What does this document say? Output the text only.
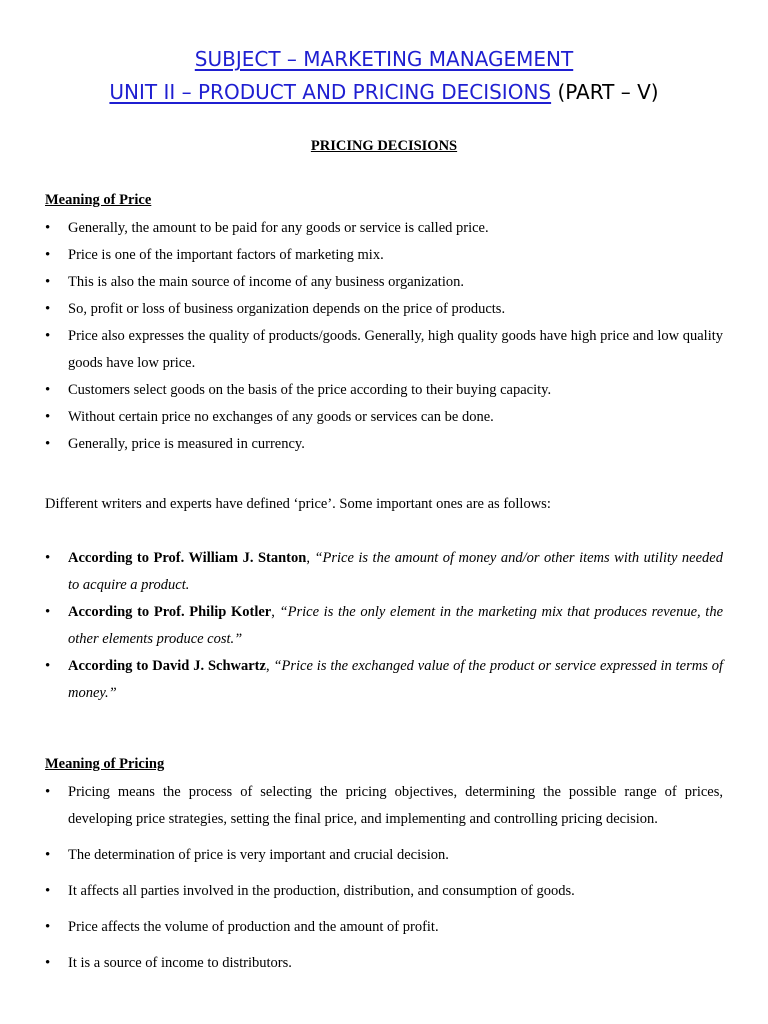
SUBJECT – MARKETING MANAGEMENT
UNIT II – PRODUCT AND PRICING DECISIONS (PART – V)
PRICING DECISIONS
Meaning of Price
• Generally, the amount to be paid for any goods or service is called price.
• Price is one of the important factors of marketing mix.
• This is also the main source of income of any business organization.
• So, profit or loss of business organization depends on the price of products.
• Price also expresses the quality of products/goods. Generally, high quality goods have high price and low quality goods have low price.
• Customers select goods on the basis of the price according to their buying capacity.
• Without certain price no exchanges of any goods or services can be done.
• Generally, price is measured in currency.
Different writers and experts have defined ‘price’. Some important ones are as follows:
• According to Prof. William J. Stanton, “Price is the amount of money and/or other items with utility needed to acquire a product.
• According to Prof. Philip Kotler, “Price is the only element in the marketing mix that produces revenue, the other elements produce cost.”
• According to David J. Schwartz, “Price is the exchanged value of the product or service expressed in terms of money.”
Meaning of Pricing
• Pricing means the process of selecting the pricing objectives, determining the possible range of prices, developing price strategies, setting the final price, and implementing and controlling pricing decision.
• The determination of price is very important and crucial decision.
• It affects all parties involved in the production, distribution, and consumption of goods.
• Price affects the volume of production and the amount of profit.
• It is a source of income to distributors.
